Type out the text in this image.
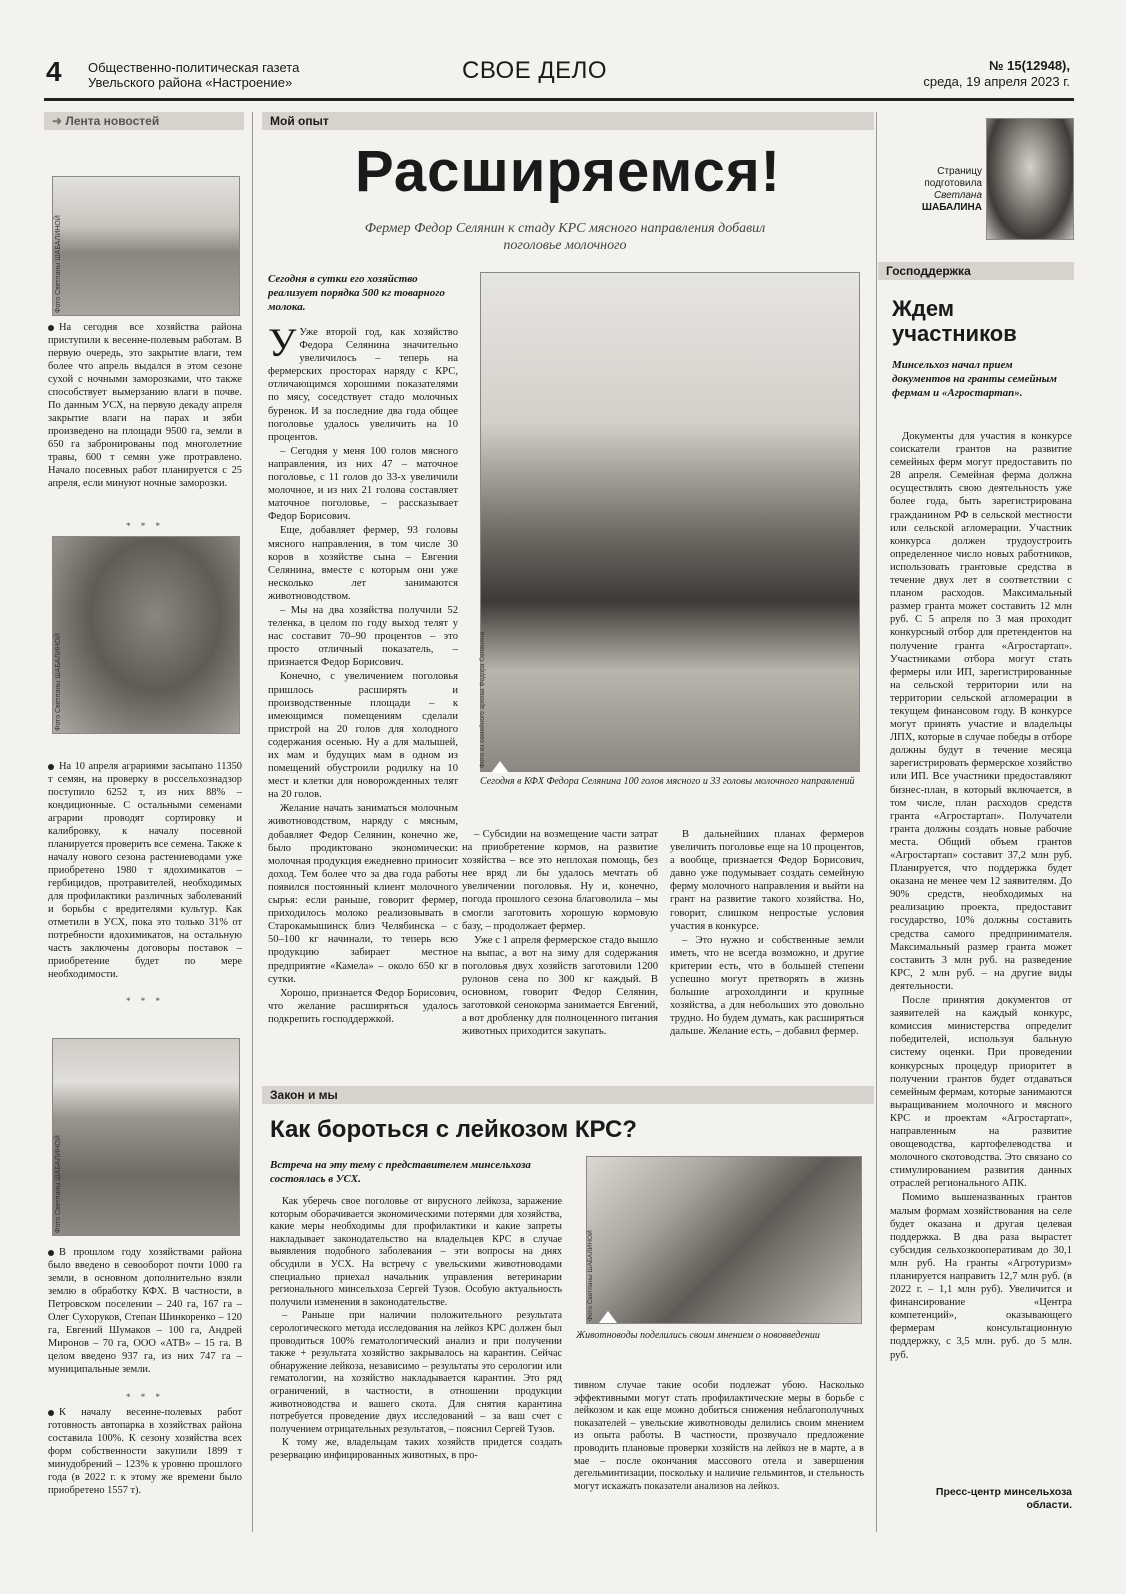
4 Общественно-политическая газета
Увельского района «Настроение»	СВОЕ ДЕЛО	№ 15(12948),
среда, 19 апреля 2023 г.
➜ Лента новостей
Фото Светланы ШАБАЛИНОЙ
На сегодня все хозяйства района приступили к весенне-полевым работам. В первую очередь, это закрытие влаги, тем более что апрель выдался в этом сезоне сухой с ночными заморозками, что также способствует вымерзанию влаги в почве. По данным УСХ, на первую декаду апреля закрытие влаги на парах и зяби произведено на площади 9500 га, земли в 650 га забронированы под многолетние травы, 600 т семян уже протравлено. Начало посевных работ планируется с 25 апреля, если минуют ночные заморозки.
* * *
Фото Светланы ШАБАЛИНОЙ
На 10 апреля аграриями засыпано 11350 т семян, на проверку в россельхознадзор поступило 6252 т, из них 88% – кондиционные. С остальными семенами аграрии проводят сортировку и калибровку, к началу посевной планируется проверить все семена. Также к началу нового сезона растениеводами уже приобретено 1980 т ядохимикатов – гербицидов, протравителей, необходимых для профилактики различных заболеваний и борьбы с вредителями культур. Как отметили в УСХ, пока это только 31% от потребности ядохимикатов, на остальную часть заключены договоры поставок – приобретение будет по мере необходимости.
* * *
Фото Светланы ШАБАЛИНОЙ
В прошлом году хозяйствами района было введено в севооборот почти 1000 га земли, в основном дополнительно взяли землю в обработку КФХ. В частности, в Петровском поселении – 240 га, 167 га – Олег Сухоруков, Степан Шинкоренко – 120 га, Евгений Шумаков – 100 га, Андрей Миронов – 70 га, ООО «АТВ» – 15 га. В целом введено 937 га, из них 747 га – муниципальные земли.
* * *
К началу весенне-полевых работ готовность автопарка в хозяйствах района составила 100%. К сезону хозяйства всех форм собственности закупили 1899 т минудобрений – 123% к уровню прошлого года (в 2022 г. к этому же времени было приобретено 1557 т).
Мой опыт
Расширяемся!
Фермер Федор Селянин к стаду КРС мясного направления добавил поголовье молочного
Сегодня в сутки его хозяйство реализует порядка 500 кг товарного молока.

У Уже второй год, как хозяйство Федора Селянина значительно увеличилось – теперь на фермерских просторах наряду с КРС, отличающимся хорошими показателями по мясу, соседствует стадо молочных буренок. И за последние два года общее поголовье удалось увеличить на 10 процентов.

– Сегодня у меня 100 голов мясного направления, из них 47 – маточное поголовье, с 11 голов до 33-х увеличили молочное, и из них 21 голова составляет маточное поголовье, – рассказывает Федор Борисович.

Еще, добавляет фермер, 93 головы мясного направления, в том числе 30 коров в хозяйстве сына – Евгения Селянина, вместе с которым они уже несколько лет занимаются животноводством.

– Мы на два хозяйства получили 52 теленка, в целом по году выход телят у нас составит 70–90 процентов – это просто отличный показатель, – признается Федор Борисович.

Конечно, с увеличением поголовья пришлось расширять и производственные площади – к имеющимся помещениям сделали пристрой на 20 голов для холодного содержания осенью. Ну а для малышей, их мам и будущих мам в одном из помещений обустроили родилку на 10 мест и клетки для новорожденных телят на 20 голов.

Желание начать заниматься молочным животноводством, наряду с мясным, добавляет Федор Селянин, конечно же, было продиктовано экономически: молочная продукция ежедневно приносит доход. Тем более что за два года работы появился постоянный клиент молочного сырья: если раньше, говорит фермер, приходилось молоко реализовывать в Старокамышинск близ Челябинска – с 50–100 кг начинали, то теперь всю продукцию забирает местное предприятие «Камела» – около 650 кг в сутки.

Хорошо, признается Федор Борисович, что желание расширяться удалось подкрепить господдержкой.

Фото из семейного архива Федора Селянина
Сегодня в КФХ Федора Селянина 100 голов мясного и 33 головы молочного направлений

– Субсидии на возмещение части затрат на приобретение кормов, на развитие хозяйства – все это неплохая помощь, без нее вряд ли бы удалось мечтать об увеличении поголовья. Ну и, конечно, погода прошлого сезона благоволила – мы смогли заготовить хорошую кормовую базу, – продолжает фермер.

Уже с 1 апреля фермерское стадо вышло на выпас, а вот на зиму для содержания поголовья двух хозяйств заготовили 1200 рулонов сена по 300 кг каждый. В основном, говорит Федор Селянин, заготовкой сенокорма занимается Евгений, а вот дробленку для полноценного питания животных приходится закупать.

В дальнейших планах фермеров увеличить поголовье еще на 10 процентов, а вообще, признается Федор Борисович, давно уже подумывает создать семейную ферму молочного направления и выйти на грант на развитие такого хозяйства. Но, говорит, слишком непростые условия участия в конкурсе.

– Это нужно и собственные земли иметь, что не всегда возможно, и другие критерии есть, что в большей степени успешно могут претворять в жизнь большие агрохолдинги и крупные хозяйства, а для небольших это довольно трудно. Но будем думать, как расширяться дальше. Желание есть, – добавил фермер.

Страницу
подготовила
Светлана
ШАБАЛИНА
Господдержка
Ждем
участников
Минсельхоз начал прием документов на гранты семейным фермам и «Агростартап».

Документы для участия в конкурсе соискатели грантов на развитие семейных ферм могут предоставить по 28 апреля. Семейная ферма должна осуществлять свою деятельность уже более года, быть зарегистрирована гражданином РФ в сельской местности или сельской агломерации. Участник конкурса должен трудоустроить определенное число новых работников, использовать грантовые средства в течение двух лет в соответствии с планом расходов. Максимальный размер гранта может составить 12 млн руб. С 5 апреля по 3 мая проходит конкурсный отбор для претендентов на получение гранта «Агростартап». Участниками отбора могут стать фермеры или ИП, зарегистрированные на сельской территории или на территории сельской агломерации в текущем финансовом году. В конкурсе могут принять участие и владельцы ЛПХ, которые в случае победы в отборе должны будут в течение месяца зарегистрировать фермерское хозяйство или ИП. Все участники предоставляют бизнес-план, в который включается, в том числе, план расходов средств гранта «Агростартап». Получатели гранта должны создать новые рабочие места. Общий объем грантов «Агростартап» составит 37,2 млн руб. Планируется, что поддержка будет оказана не менее чем 12 заявителям. До 90% средств, необходимых на реализацию проекта, предоставит государство, 10% должны составить средства самого предпринимателя. Максимальный размер гранта может составить 3 млн руб. на разведение КРС, 2 млн руб. – на другие виды деятельности.

После принятия документов от заявителей на каждый конкурс, комиссия министерства определит победителей, используя бальную систему оценки. При проведении конкурсных процедур приоритет в получении грантов будет отдаваться семейным фермам, которые занимаются выращиванием молочного и мясного КРС и проектам «Агростартап», направленным на развитие овощеводства, картофелеводства и молочного скотоводства. Это связано со стимулированием развития данных отраслей регионального АПК.

Помимо вышеназванных грантов малым формам хозяйствования на селе будет оказана и другая целевая поддержка. В два раза вырастет субсидия сельхозкооперативам до 30,1 млн руб. На гранты «Агротуризм» планируется направить 12,7 млн руб. (в 2022 г. – 1,1 млн руб). Увеличится и финансирование «Центра компетенций», оказывающего фермерам консультационную поддержку, с 3,5 млн. руб. до 5 млн. руб.

Пресс-центр минсельхоза
области.
Закон и мы
Как бороться с лейкозом КРС?
Встреча на эту тему с представителем минсельхоза состоялась в УСХ.
Фото Светланы ШАБАЛИНОЙ
Животноводы поделились своим мнением о нововведении

Как уберечь свое поголовье от вирусного лейкоза, заражение которым оборачивается экономическими потерями для хозяйства, какие меры необходимы для профилактики и какие запреты накладывает законодательство на владельцев КРС в случае выявления подобного заболевания – эти вопросы на днях обсудили в УСХ. На встречу с увельскими животноводами специально приехал начальник управления ветеринарии регионального минсельхоза Сергей Тузов. Особую актуальность получили изменения в законодательстве.

– Раньше при наличии положительного результата серологического метода исследования на лейкоз КРС должен был проводиться 100% гематологический анализ и при получении также + результата хозяйство закрывалось на карантин. Сейчас обнаружение лейкоза, независимо – результаты это серологии или гематологии, на хозяйство накладывается карантин. Это ряд ограничений, в частности, в отношении продукции животноводства и вашего скота. Для снятия карантина потребуется проведение двух исследований – за ваш счет с получением отрицательных результатов, – пояснил Сергей Тузов.

К тому же, владельцам таких хозяйств придется создать резервацию инфицированных животных, в про-

тивном случае такие особи подлежат убою. Насколько эффективными могут стать профилактические меры в борьбе с лейкозом и как еще можно добиться снижения неблагополучных показателей – увельские животноводы делились своим мнением из опыта работы. В частности, прозвучало предложение проводить плановые проверки хозяйств на лейкоз не в марте, а в мае – после окончания массового отела и завершения дегельминтизации, поскольку и наличие гельминтов, и стельность могут искажать показатели анализов на лейкоз.
